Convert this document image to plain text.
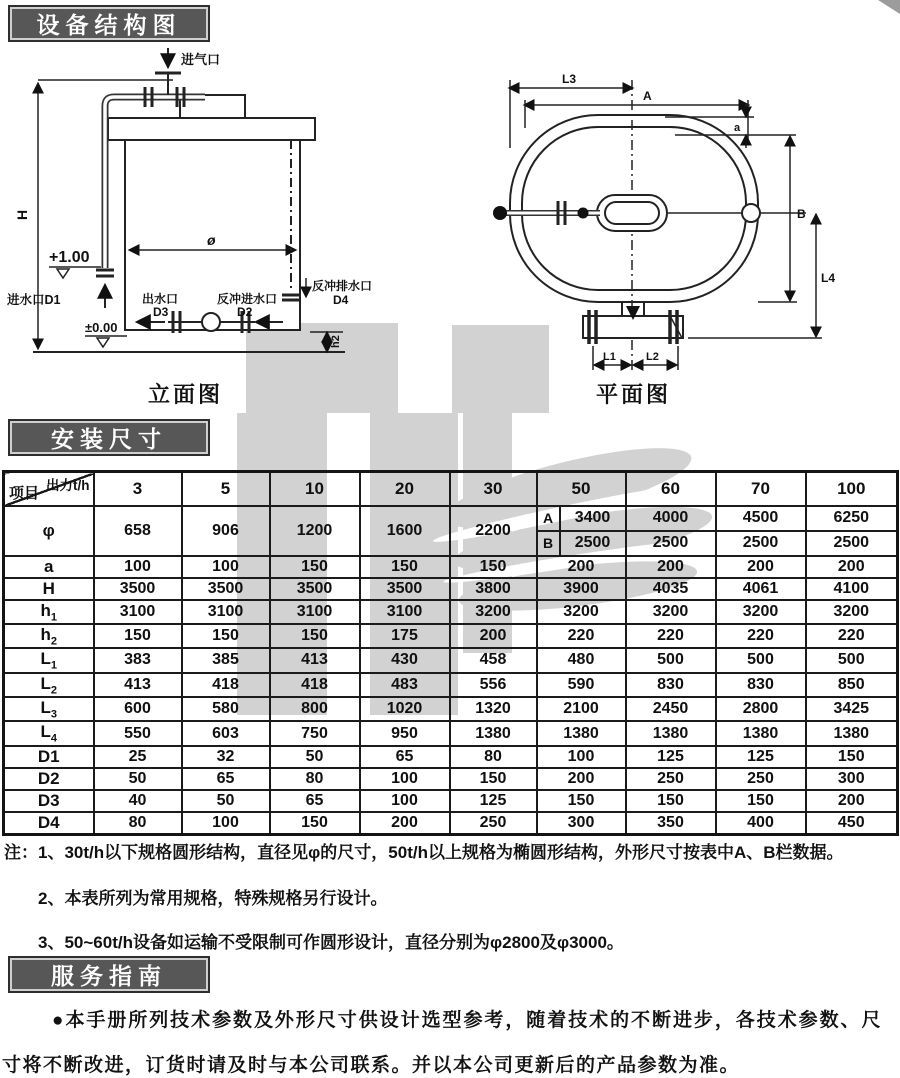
设备结构图
安装尺寸
服务指南
进气口
H
+1.00
进水口D1
±0.00
ø
出水口
D3
反冲进水口
D2
反冲排水口
D4
h2
立面图
L3
A
a
B
L4
L1	L2
平面图
出力t/h
项目	3	5	10	20	30	50		60	70	100
φ	658	906	1200	1600	2200	A	3400	4000	4500	6250
						B	2500	2500	2500	2500
a	100	100	150	150	150	200		200	200	200
H	3500	3500	3500	3500	3800	3900		4035	4061	4100
$h_1$	3100	3100	3100	3100	3200	3200		3200	3200	3200
$h_2$	150	150	150	175	200	220		220	220	220
$L_1$	383	385	413	430	458	480		500	500	500
$L_2$	413	418	418	483	556	590		830	830	850
$L_3$	600	580	800	1020	1320	2100		2450	2800	3425
$L_4$	550	603	750	950	1380	1380		1380	1380	1380
D1	25	32	50	65	80	100		125	125	150
D2	50	65	80	100	150	200		250	250	300
D3	40	50	65	100	125	150		150	150	200
D4	80	100	150	200	250	300		350	400	450
注：1、30t/h以下规格圆形结构，直径见φ的尺寸，50t/h以上规格为椭圆形结构，外形尺寸按表中A、B栏数据。
2、本表所列为常用规格，特殊规格另行设计。
3、50~60t/h设备如运输不受限制可作圆形设计，直径分别为φ2800及φ3000。
●本手册所列技术参数及外形尺寸供设计选型参考，随着技术的不断进步，各技术参数、尺寸将不断改进，订货时请及时与本公司联系。并以本公司更新后的产品参数为准。
